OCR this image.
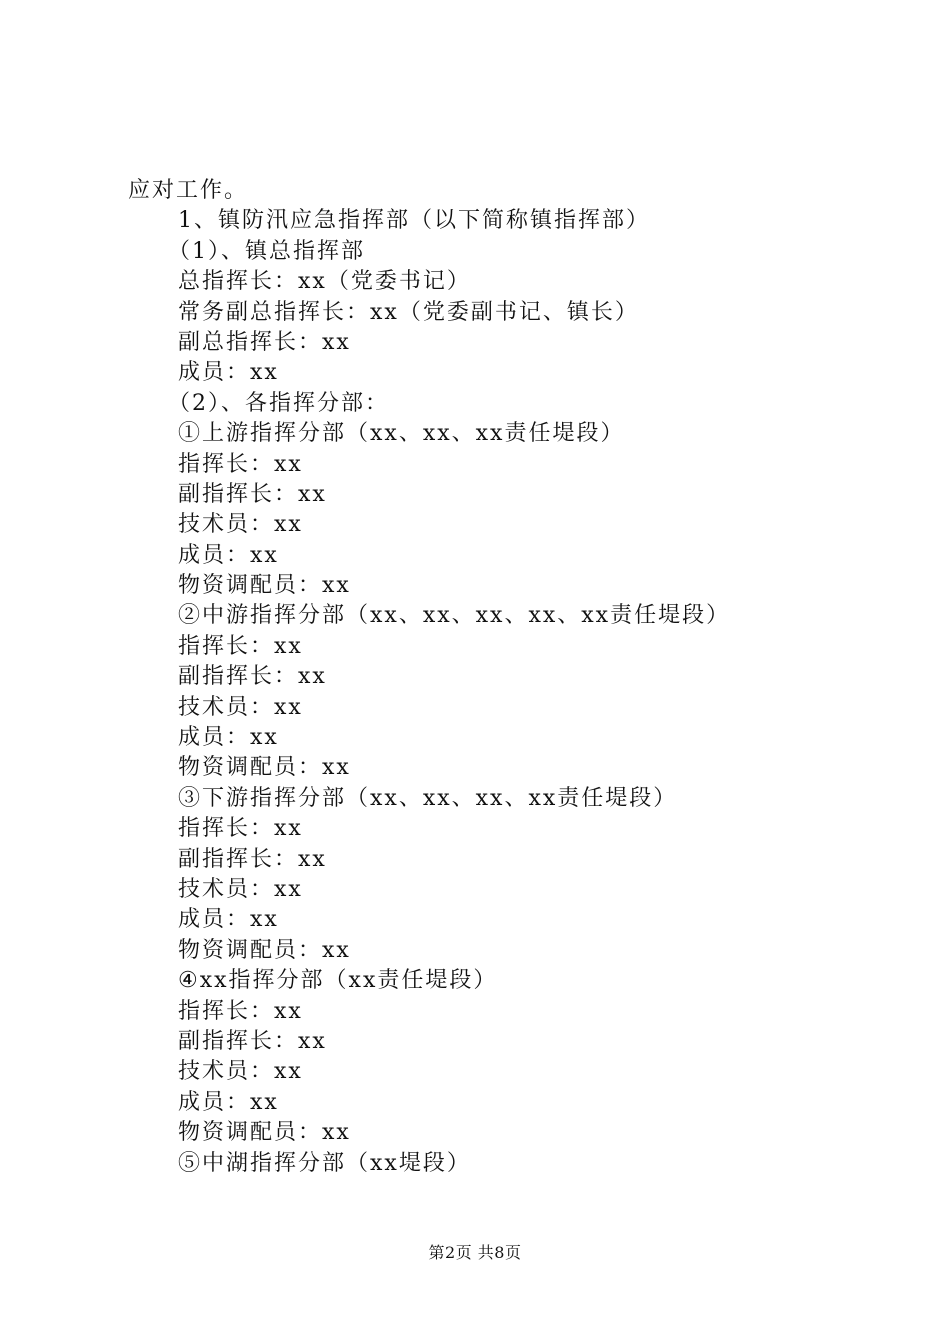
应对工作。
1、镇防汛应急指挥部（以下简称镇指挥部）
（1）、镇总指挥部
总指挥长：xx（党委书记）
常务副总指挥长：xx（党委副书记、镇长）
副总指挥长：xx
成员：xx
（2）、各指挥分部：
①上游指挥分部（xx、xx、xx责任堤段）
指挥长：xx
副指挥长：xx
技术员：xx
成员：xx
物资调配员：xx
②中游指挥分部（xx、xx、xx、xx、xx责任堤段）
指挥长：xx
副指挥长：xx
技术员：xx
成员：xx
物资调配员：xx
③下游指挥分部（xx、xx、xx、xx责任堤段）
指挥长：xx
副指挥长：xx
技术员：xx
成员：xx
物资调配员：xx
④xx指挥分部（xx责任堤段）
指挥长：xx
副指挥长：xx
技术员：xx
成员：xx
物资调配员：xx
⑤中湖指挥分部（xx堤段）
第2页 共8页
